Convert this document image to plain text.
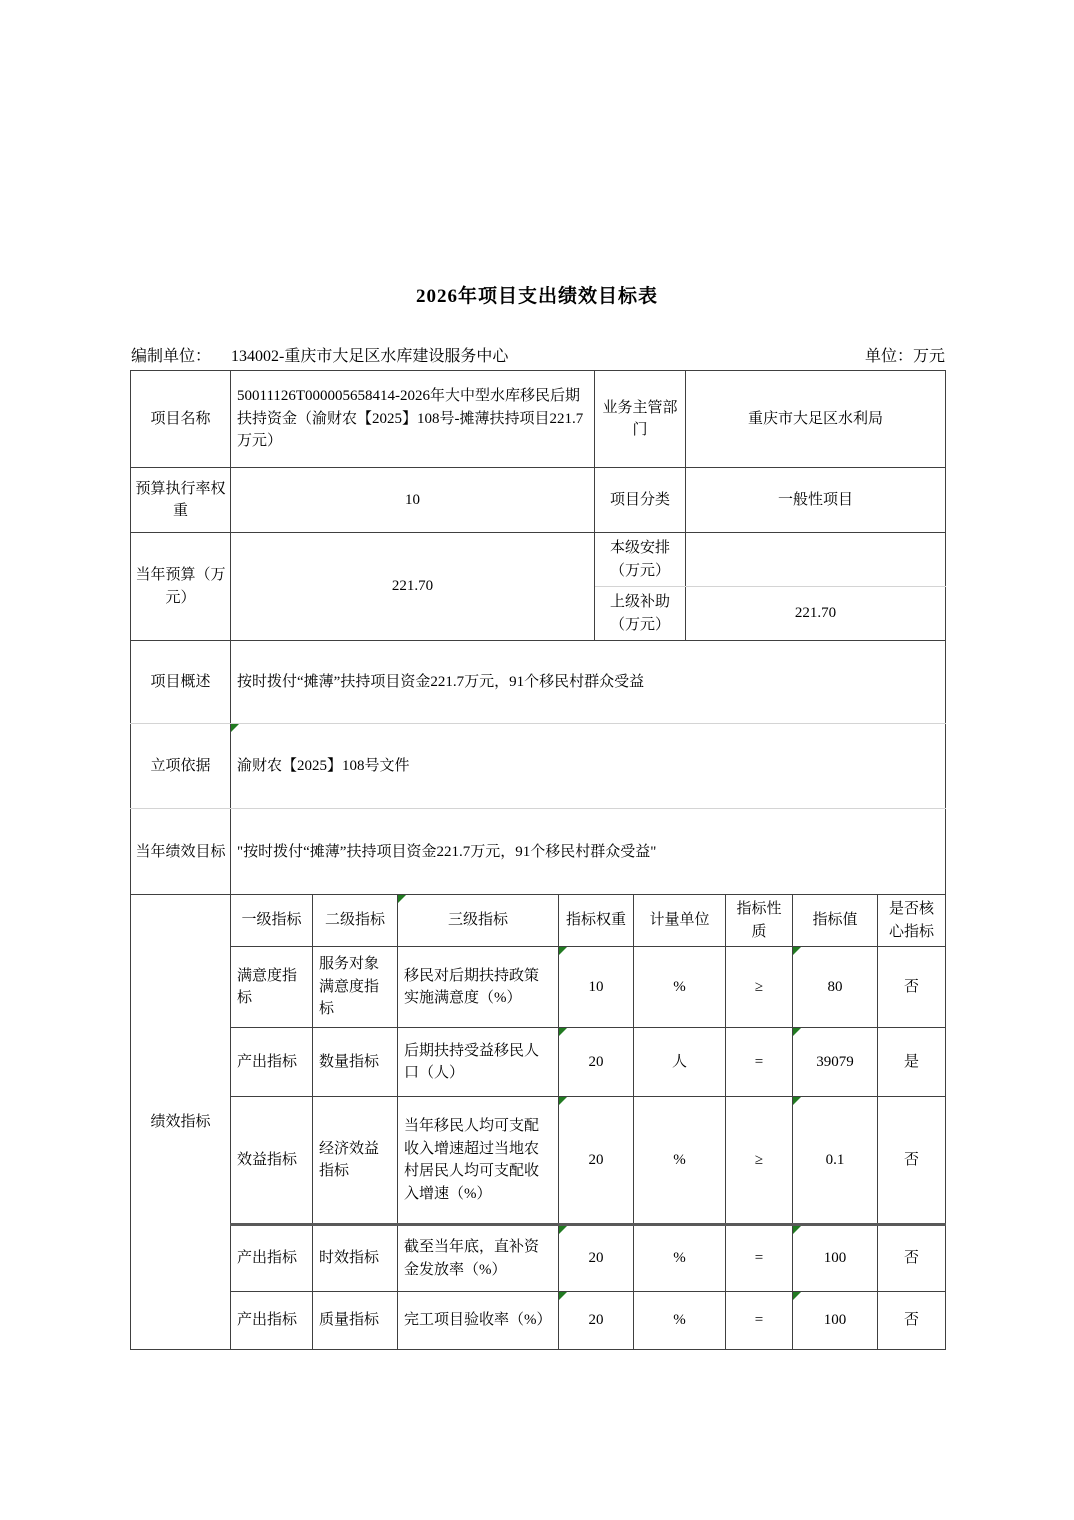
2026年项目支出绩效目标表
编制单位： 134002-重庆市大足区水库建设服务中心	单位：万元
项目名称	50011126T000005658414-2026年大中型水库移民后期扶持资金（渝财农【2025】108号-摊薄扶持项目221.7万元）	业务主管部门	重庆市大足区水利局
预算执行率权重	10	项目分类	一般性项目
当年预算（万元）	221.70	本级安排（万元）	
		上级补助（万元）	221.70
项目概述	按时拨付“摊薄”扶持项目资金221.7万元，91个移民村群众受益		
立项依据	渝财农【2025】108号文件		
当年绩效目标	"按时拨付“摊薄”扶持项目资金221.7万元，91个移民村群众受益"		
绩效指标	一级指标	二级指标	三级指标	指标权重	计量单位	指标性质	指标值	是否核心指标
	满意度指标	服务对象满意度指标	移民对后期扶持政策实施满意度（%）	10	%	≥	80	否
	产出指标	数量指标	后期扶持受益移民人口（人）	20	人	=	39079	是
	效益指标	经济效益指标	当年移民人均可支配收入增速超过当地农村居民人均可支配收入增速（%）	20	%	≥	0.1	否
	产出指标	时效指标	截至当年底，直补资金发放率（%）	20	%	=	100	否
	产出指标	质量指标	完工项目验收率（%）	20	%	=	100	否
